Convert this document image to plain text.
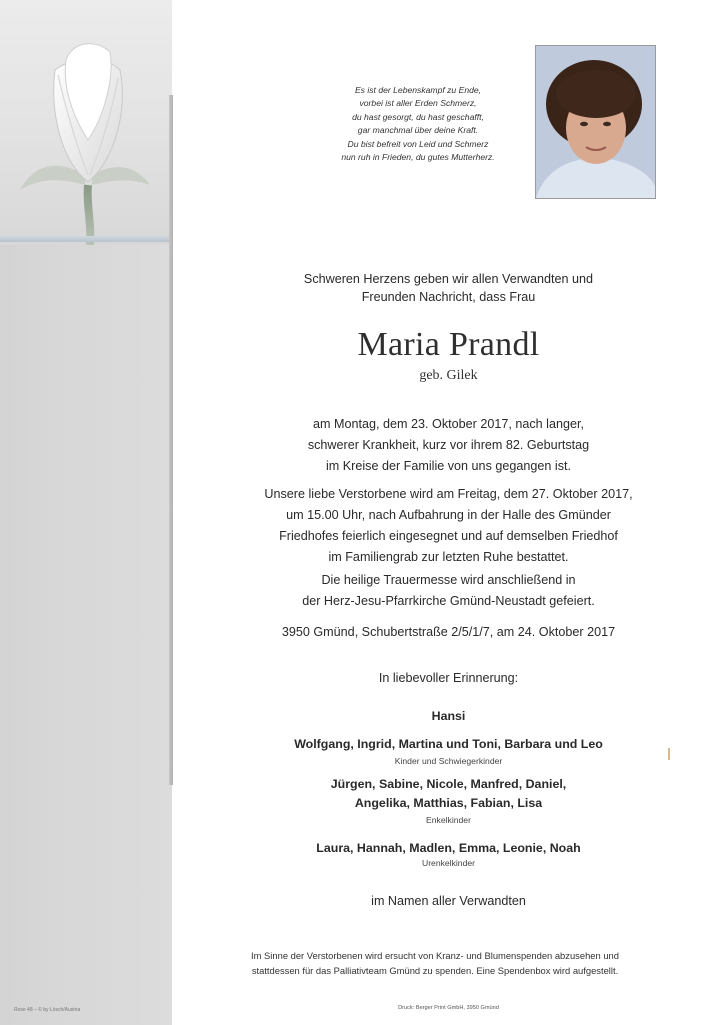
Rose 48 – © by Lösch/Austria
Es ist der Lebenskampf zu Ende,
vorbei ist aller Erden Schmerz,
du hast gesorgt, du hast geschafft,
gar manchmal über deine Kraft.
Du bist befreit von Leid und Schmerz
nun ruh in Frieden, du gutes Mutterherz.
Schweren Herzens geben wir allen Verwandten und
Freunden Nachricht, dass Frau
Maria Prandl
geb. Gilek
am Montag, dem 23. Oktober 2017, nach langer,
schwerer Krankheit, kurz vor ihrem 82. Geburtstag
im Kreise der Familie von uns gegangen ist.
Unsere liebe Verstorbene wird am Freitag, dem 27. Oktober 2017,
um 15.00 Uhr, nach Aufbahrung in der Halle des Gmünder
Friedhofes feierlich eingesegnet und auf demselben Friedhof
im Familiengrab zur letzten Ruhe bestattet.
Die heilige Trauermesse wird anschließend in
der Herz-Jesu-Pfarrkirche Gmünd-Neustadt gefeiert.
3950 Gmünd, Schubertstraße 2/5/1/7, am 24. Oktober 2017
In liebevoller Erinnerung:
Hansi
Wolfgang, Ingrid, Martina und Toni, Barbara und Leo
Kinder und Schwiegerkinder
Jürgen, Sabine, Nicole, Manfred, Daniel,
Angelika, Matthias, Fabian, Lisa
Enkelkinder
Laura, Hannah, Madlen, Emma, Leonie, Noah
Urenkelkinder
im Namen aller Verwandten
Im Sinne der Verstorbenen wird ersucht von Kranz- und Blumenspenden abzusehen und
stattdessen für das Palliativteam Gmünd zu spenden. Eine Spendenbox wird aufgestellt.
Druck: Berger Print GmbH, 3950 Gmünd
